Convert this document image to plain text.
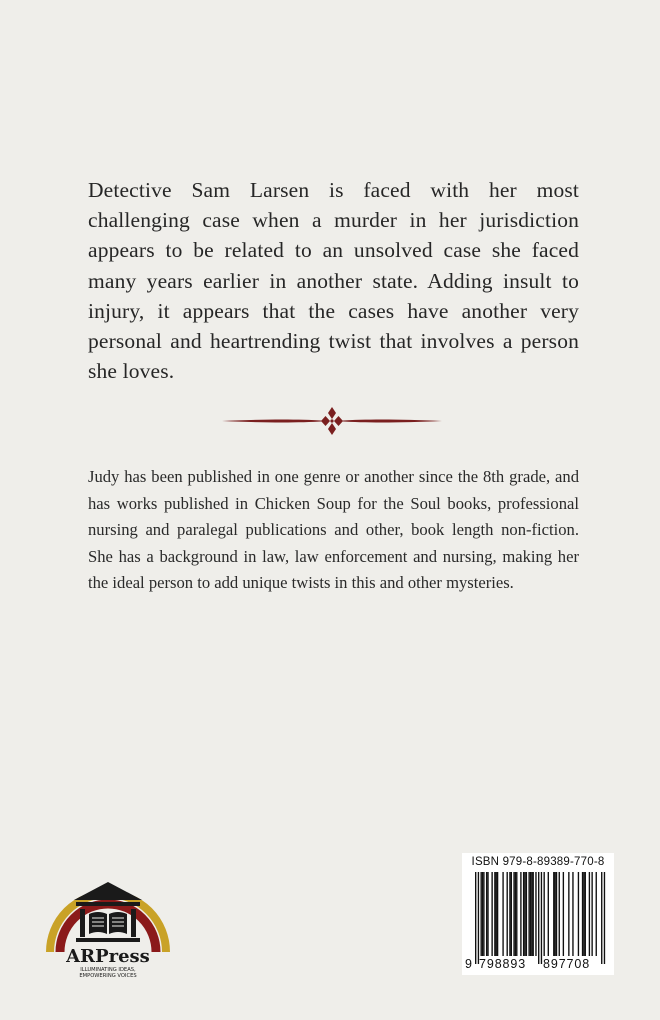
Detective Sam Larsen is faced with her most challenging case when a murder in her jurisdiction appears to be related to an unsolved case she faced many years earlier in another state. Adding insult to injury, it appears that the cases have another very personal and heartrending twist that involves a person she loves.

Judy has been published in one genre or another since the 8th grade, and has works published in Chicken Soup for the Soul books, professional nursing and paralegal publications and other, book length non-fiction. She has a background in law, law enforcement and nursing, making her the ideal person to add unique twists in this and other mysteries.

ARPress
ILLUMINATING IDEAS,
EMPOWERING VOICES
ISBN 979-8-89389-770-8
9 798893 897708
